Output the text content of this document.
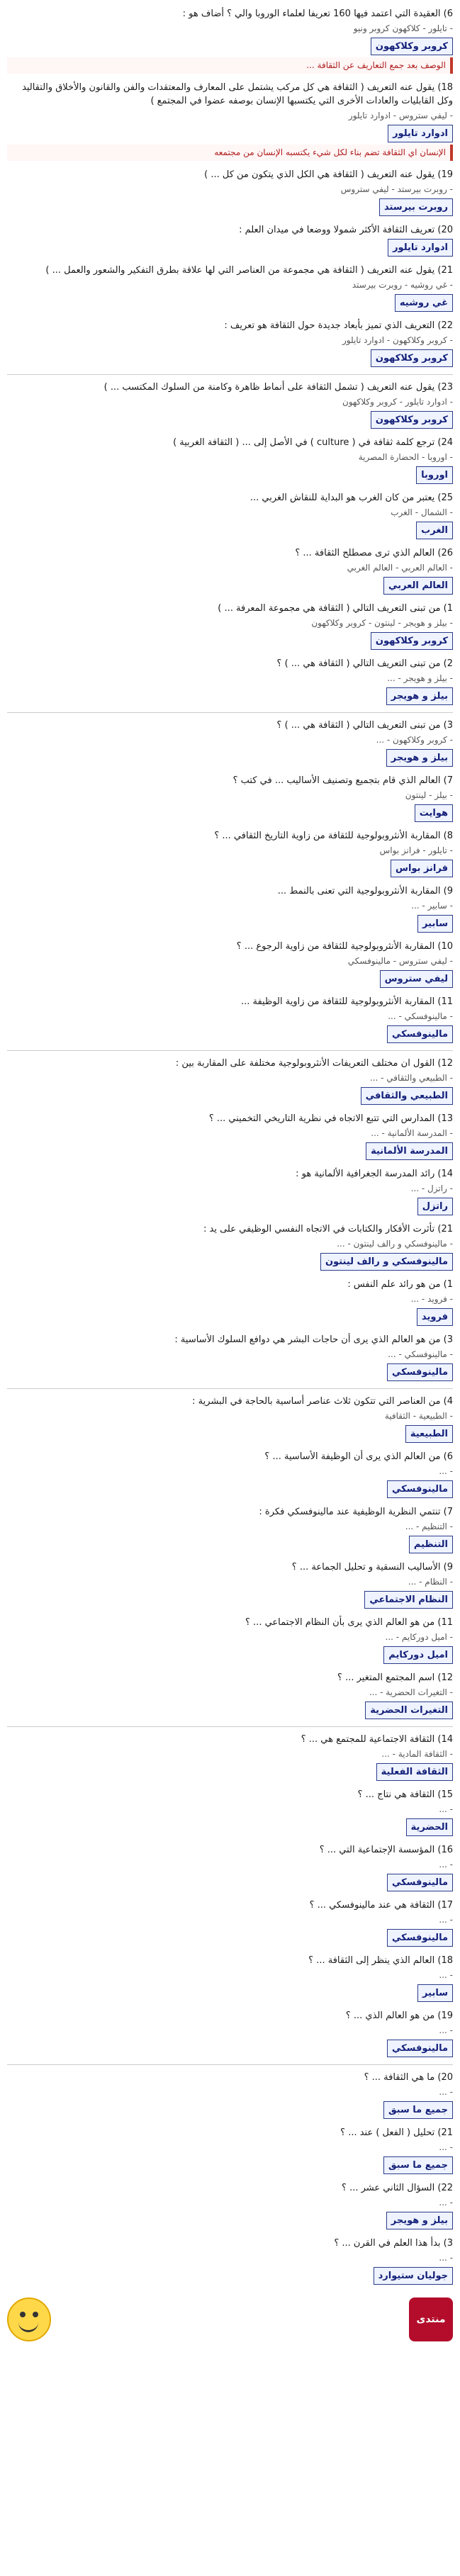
6) العقيدة التي اعتمد فيها 160 تعريفا لعلماء الوروبا والي ؟ أضاف هو :
- تايلور - كلاكهون كروبر ونيو
كروبر وكلاكهون
الوصف بعد جمع التعاريف عن الثقافة ...
18) يقول عنه التعريف ( الثقافة هي كل مركب يشتمل على المعارف والمعتقدات والفن والقانون والأخلاق والتقاليد وكل القابليات والعادات الأخرى التي يكتسبها الإنسان بوصفه عضوا في المجتمع )
- ليفي ستروس - ادوارد تايلور
ادوارد تايلور
الإنسان اي الثقافة تضم بناء لكل شيء يكتسبه الإنسان من مجتمعه
19) يقول عنه التعريف ( الثقافة هي الكل الذي يتكون من كل ... )
- روبرت بيرستد - ليفي ستروس
روبرت بيرستد
20) تعريف الثقافة الأكثر شمولا ووضعا في ميدان العلم :
ادوارد تايلور
21) يقول عنه التعريف ( الثقافة هي مجموعة من العناصر التي لها علاقة بطرق التفكير والشعور والعمل ... )
- غي روشيه - روبرت بيرستد
غي روشيه
22) التعريف الذي تميز بأبعاد جديدة حول الثقافة هو تعريف :
- كروبر وكلاكهون - ادوارد تايلور
كروبر وكلاكهون
23) يقول عنه التعريف ( تشمل الثقافة على أنماط ظاهرة وكامنة من السلوك المكتسب ... )
- ادوارد تايلور - كروبر وكلاكهون
كروبر وكلاكهون
24) ترجع كلمة ثقافة في ( culture ) في الأصل إلى ... ( الثقافة الغربية )
- اوروبا - الحضارة المصرية
اوروبا
25) يعتبر من كان الغرب هو البداية للنقاش الغربي ...
- الشمال - الغرب
الغرب
26) العالم الذي ترى مصطلح الثقافة ... ؟
- العالم العربي - العالم الغربي
العالم العربي
1) من تبنى التعريف التالي ( الثقافة هي مجموعة المعرفة ... )
- بيلز و هويجر - لينتون - كروبر وكلاكهون
كروبر وكلاكهون
2) من تبنى التعريف التالي ( الثقافة هي ... ) ؟
- بيلز و هويجر - ...
بيلز و هويجر
3) من تبنى التعريف التالي ( الثقافة هي ... ) ؟
- كروبر وكلاكهون - ...
بيلز و هويجر
7) العالم الذي قام بتجميع وتصنيف الأساليب ... في كتب ؟
- بيلز - لينتون
هوايت
8) المقاربة الأنثروبولوجية للثقافة من زاوية التاريخ الثقافي ... ؟
- تايلور - فرانز بواس
فرانز بواس
9) المقاربة الأنثروبولوجية التي تعنى بالنمط ...
- سابير - ...
سابير
10) المقاربة الأنثروبولوجية للثقافة من زاوية الرجوع ... ؟
- ليفي ستروس - مالينوفسكي
ليفي ستروس
11) المقاربة الأنثروبولوجية للثقافة من زاوية الوظيفة ...
- مالينوفسكي - ...
مالينوفسكي
12) القول ان مختلف التعريفات الأنثروبولوجية مختلفة على المقاربة بين :
- الطبيعي والثقافي - ...
الطبيعي والثقافي
13) المدارس التي تتبع الاتجاه في نظرية التاريخي التخميني ... ؟
- المدرسة الألمانية - ...
المدرسة الألمانية
14) رائد المدرسة الجغرافية الألمانية هو :
- راتزل - ...
راتزل
21) تأثرت الأفكار والكتابات في الاتجاه النفسي الوظيفي على يد :
- مالينوفسكي و رالف لينتون - ...
مالينوفسكي و رالف لينتون
1) من هو رائد علم النفس :
- فرويد - ...
فرويد
3) من هو العالم الذي يرى أن حاجات البشر هي دوافع السلوك الأساسية :
- مالينوفسكي - ...
مالينوفسكي
4) من العناصر التي تتكون ثلاث عناصر أساسية بالحاجة في البشرية :
- الطبيعية - الثقافية
الطبيعية
6) من العالم الذي يرى أن الوظيفة الأساسية ... ؟
- ...
مالينوفسكي
7) تنتمي النظرية الوظيفية عند مالينوفسكي فكرة :
- التنظيم - ...
التنظيم
9) الأساليب النسقية و تحليل الجماعة ... ؟
- النظام - ...
النظام الاجتماعي
11) من هو العالم الذي يرى بأن النظام الاجتماعي ... ؟
- اميل دوركايم - ...
اميل دوركايم
12) اسم المجتمع المتغير ... ؟
- التغيرات الحضرية - ...
التغيرات الحضرية
14) الثقافة الاجتماعية للمجتمع هي ... ؟
- الثقافة المادية - ...
الثقافة الفعلية
15) الثقافة هي نتاج ... ؟
- ...
الحضرية
16) المؤسسة الإجتماعية التي ... ؟
- ...
مالينوفسكي
17) الثقافة هي عند مالينوفسكي ... ؟
- ...
مالينوفسكي
18) العالم الذي ينظر إلى الثقافة ... ؟
- ...
سابير
19) من هو العالم الذي ... ؟
- ...
مالينوفسكي
20) ما هي الثقافة ... ؟
- ...
جميع ما سبق
21) تحليل ( الفعل ) عند ... ؟
- ...
جميع ما سبق
22) السؤال الثاني عشر ... ؟
- ...
بيلز و هويجر
3) بدأ هذا العلم في القرن ... ؟
- ...
جوليان ستيوارد
منتدى
